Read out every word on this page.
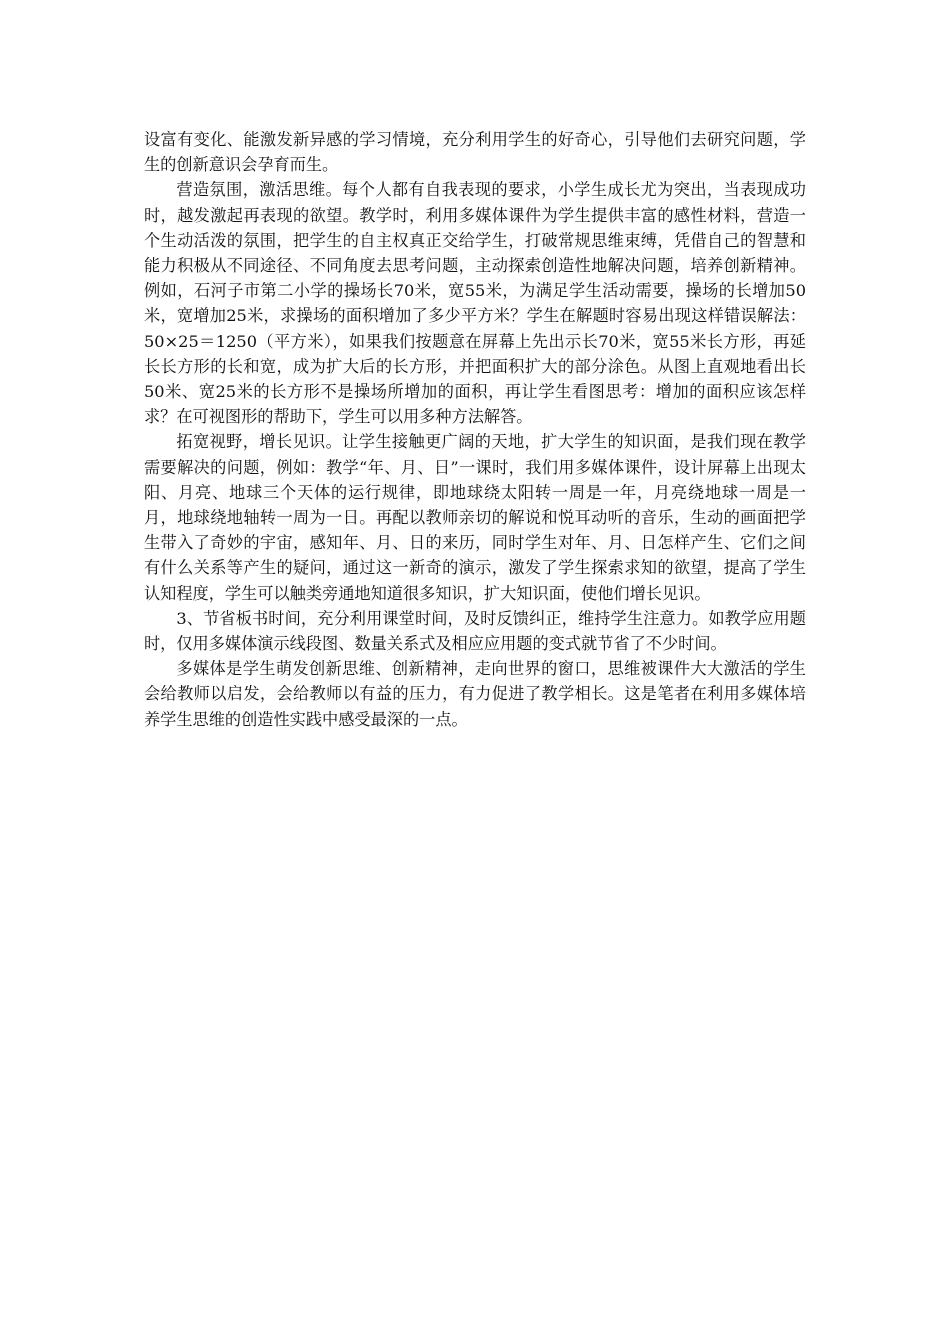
设富有变化、能激发新异感的学习情境，充分利用学生的好奇心，引导他们去研究问题，学生的创新意识会孕育而生。

营造氛围，激活思维。每个人都有自我表现的要求，小学生成长尤为突出，当表现成功时，越发激起再表现的欲望。教学时，利用多媒体课件为学生提供丰富的感性材料，营造一个生动活泼的氛围，把学生的自主权真正交给学生，打破常规思维束缚，凭借自己的智慧和能力积极从不同途径、不同角度去思考问题，主动探索创造性地解决问题，培养创新精神。例如，石河子市第二小学的操场长70米，宽55米，为满足学生活动需要，操场的长增加50米，宽增加25米，求操场的面积增加了多少平方米？学生在解题时容易出现这样错误解法：50×25＝1250（平方米），如果我们按题意在屏幕上先出示长70米，宽55米长方形，再延长长方形的长和宽，成为扩大后的长方形，并把面积扩大的部分涂色。从图上直观地看出长50米、宽25米的长方形不是操场所增加的面积，再让学生看图思考：增加的面积应该怎样求？在可视图形的帮助下，学生可以用多种方法解答。

拓宽视野，增长见识。让学生接触更广阔的天地，扩大学生的知识面，是我们现在教学需要解决的问题，例如：教学“年、月、日”一课时，我们用多媒体课件，设计屏幕上出现太阳、月亮、地球三个天体的运行规律，即地球绕太阳转一周是一年，月亮绕地球一周是一月，地球绕地轴转一周为一日。再配以教师亲切的解说和悦耳动听的音乐，生动的画面把学生带入了奇妙的宇宙，感知年、月、日的来历，同时学生对年、月、日怎样产生、它们之间有什么关系等产生的疑问，通过这一新奇的演示，激发了学生探索求知的欲望，提高了学生认知程度，学生可以触类旁通地知道很多知识，扩大知识面，使他们增长见识。

3、节省板书时间，充分利用课堂时间，及时反馈纠正，维持学生注意力。如教学应用题时，仅用多媒体演示线段图、数量关系式及相应应用题的变式就节省了不少时间。

多媒体是学生萌发创新思维、创新精神，走向世界的窗口，思维被课件大大激活的学生会给教师以启发，会给教师以有益的压力，有力促进了教学相长。这是笔者在利用多媒体培养学生思维的创造性实践中感受最深的一点。
